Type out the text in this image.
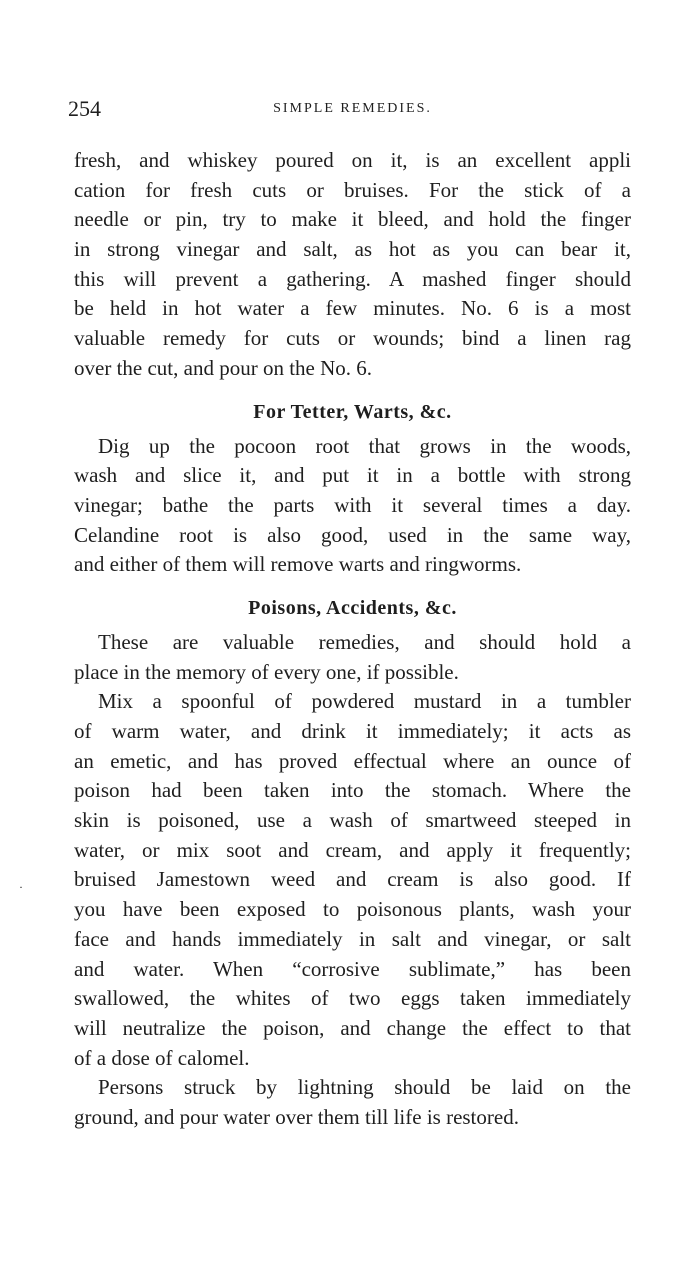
·
254	SIMPLE REMEDIES.
fresh, and whiskey poured on it, is an excellent appli
cation for fresh cuts or bruises. For the stick of a
needle or pin, try to make it bleed, and hold the finger
in strong vinegar and salt, as hot as you can bear it,
this will prevent a gathering. A mashed finger should
be held in hot water a few minutes. No. 6 is a most
valuable remedy for cuts or wounds; bind a linen rag
over the cut, and pour on the No. 6.
For Tetter, Warts, &c.
Dig up the pocoon root that grows in the woods,
wash and slice it, and put it in a bottle with strong
vinegar; bathe the parts with it several times a day.
Celandine root is also good, used in the same way,
and either of them will remove warts and ringworms.
Poisons, Accidents, &c.
These are valuable remedies, and should hold a
place in the memory of every one, if possible.
Mix a spoonful of powdered mustard in a tumbler
of warm water, and drink it immediately; it acts as
an emetic, and has proved effectual where an ounce of
poison had been taken into the stomach. Where the
skin is poisoned, use a wash of smartweed steeped in
water, or mix soot and cream, and apply it frequently;
bruised Jamestown weed and cream is also good. If
you have been exposed to poisonous plants, wash your
face and hands immediately in salt and vinegar, or salt
and water. When “corrosive sublimate,” has been
swallowed, the whites of two eggs taken immediately
will neutralize the poison, and change the effect to that
of a dose of calomel.
Persons struck by lightning should be laid on the
ground, and pour water over them till life is restored.
